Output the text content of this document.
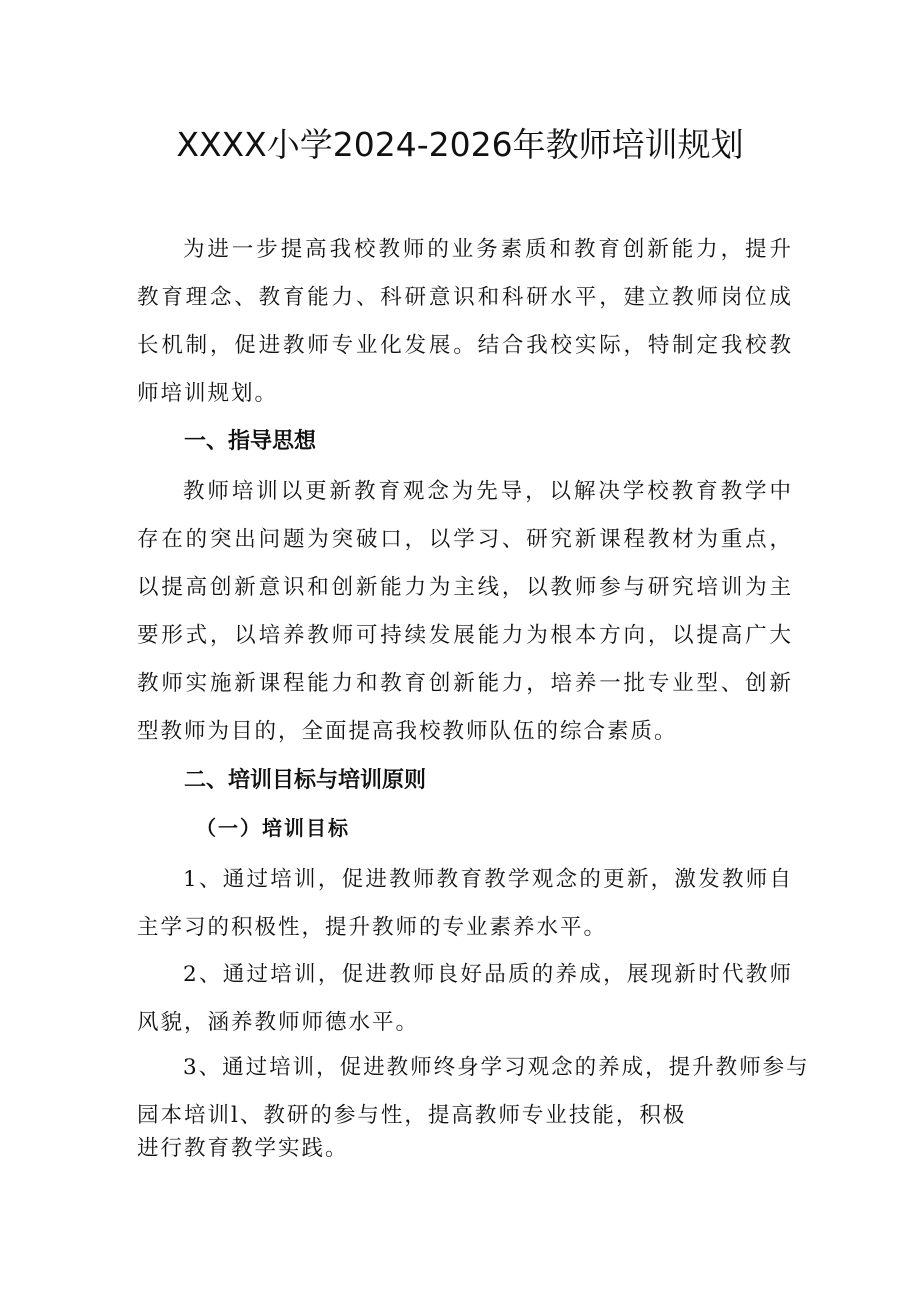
XXXX小学2024-2026年教师培训规划

为进一步提高我校教师的业务素质和教育创新能力，提升教育理念、教育能力、科研意识和科研水平，建立教师岗位成长机制，促进教师专业化发展。结合我校实际，特制定我校教师培训规划。

一、指导思想

教师培训以更新教育观念为先导，以解决学校教育教学中存在的突出问题为突破口，以学习、研究新课程教材为重点，以提高创新意识和创新能力为主线，以教师参与研究培训为主要形式，以培养教师可持续发展能力为根本方向，以提高广大教师实施新课程能力和教育创新能力，培养一批专业型、创新型教师为目的，全面提高我校教师队伍的综合素质。

二、培训目标与培训原则
（一）培训目标

1、通过培训，促进教师教育教学观念的更新，激发教师自主学习的积极性，提升教师的专业素养水平。

2、通过培训，促进教师良好品质的养成，展现新时代教师风貌，涵养教师师德水平。

3、通过培训，促进教师终身学习观念的养成，提升教师参与

园本培训l、教研的参与性，提高教师专业技能，积极

进行教育教学实践。
